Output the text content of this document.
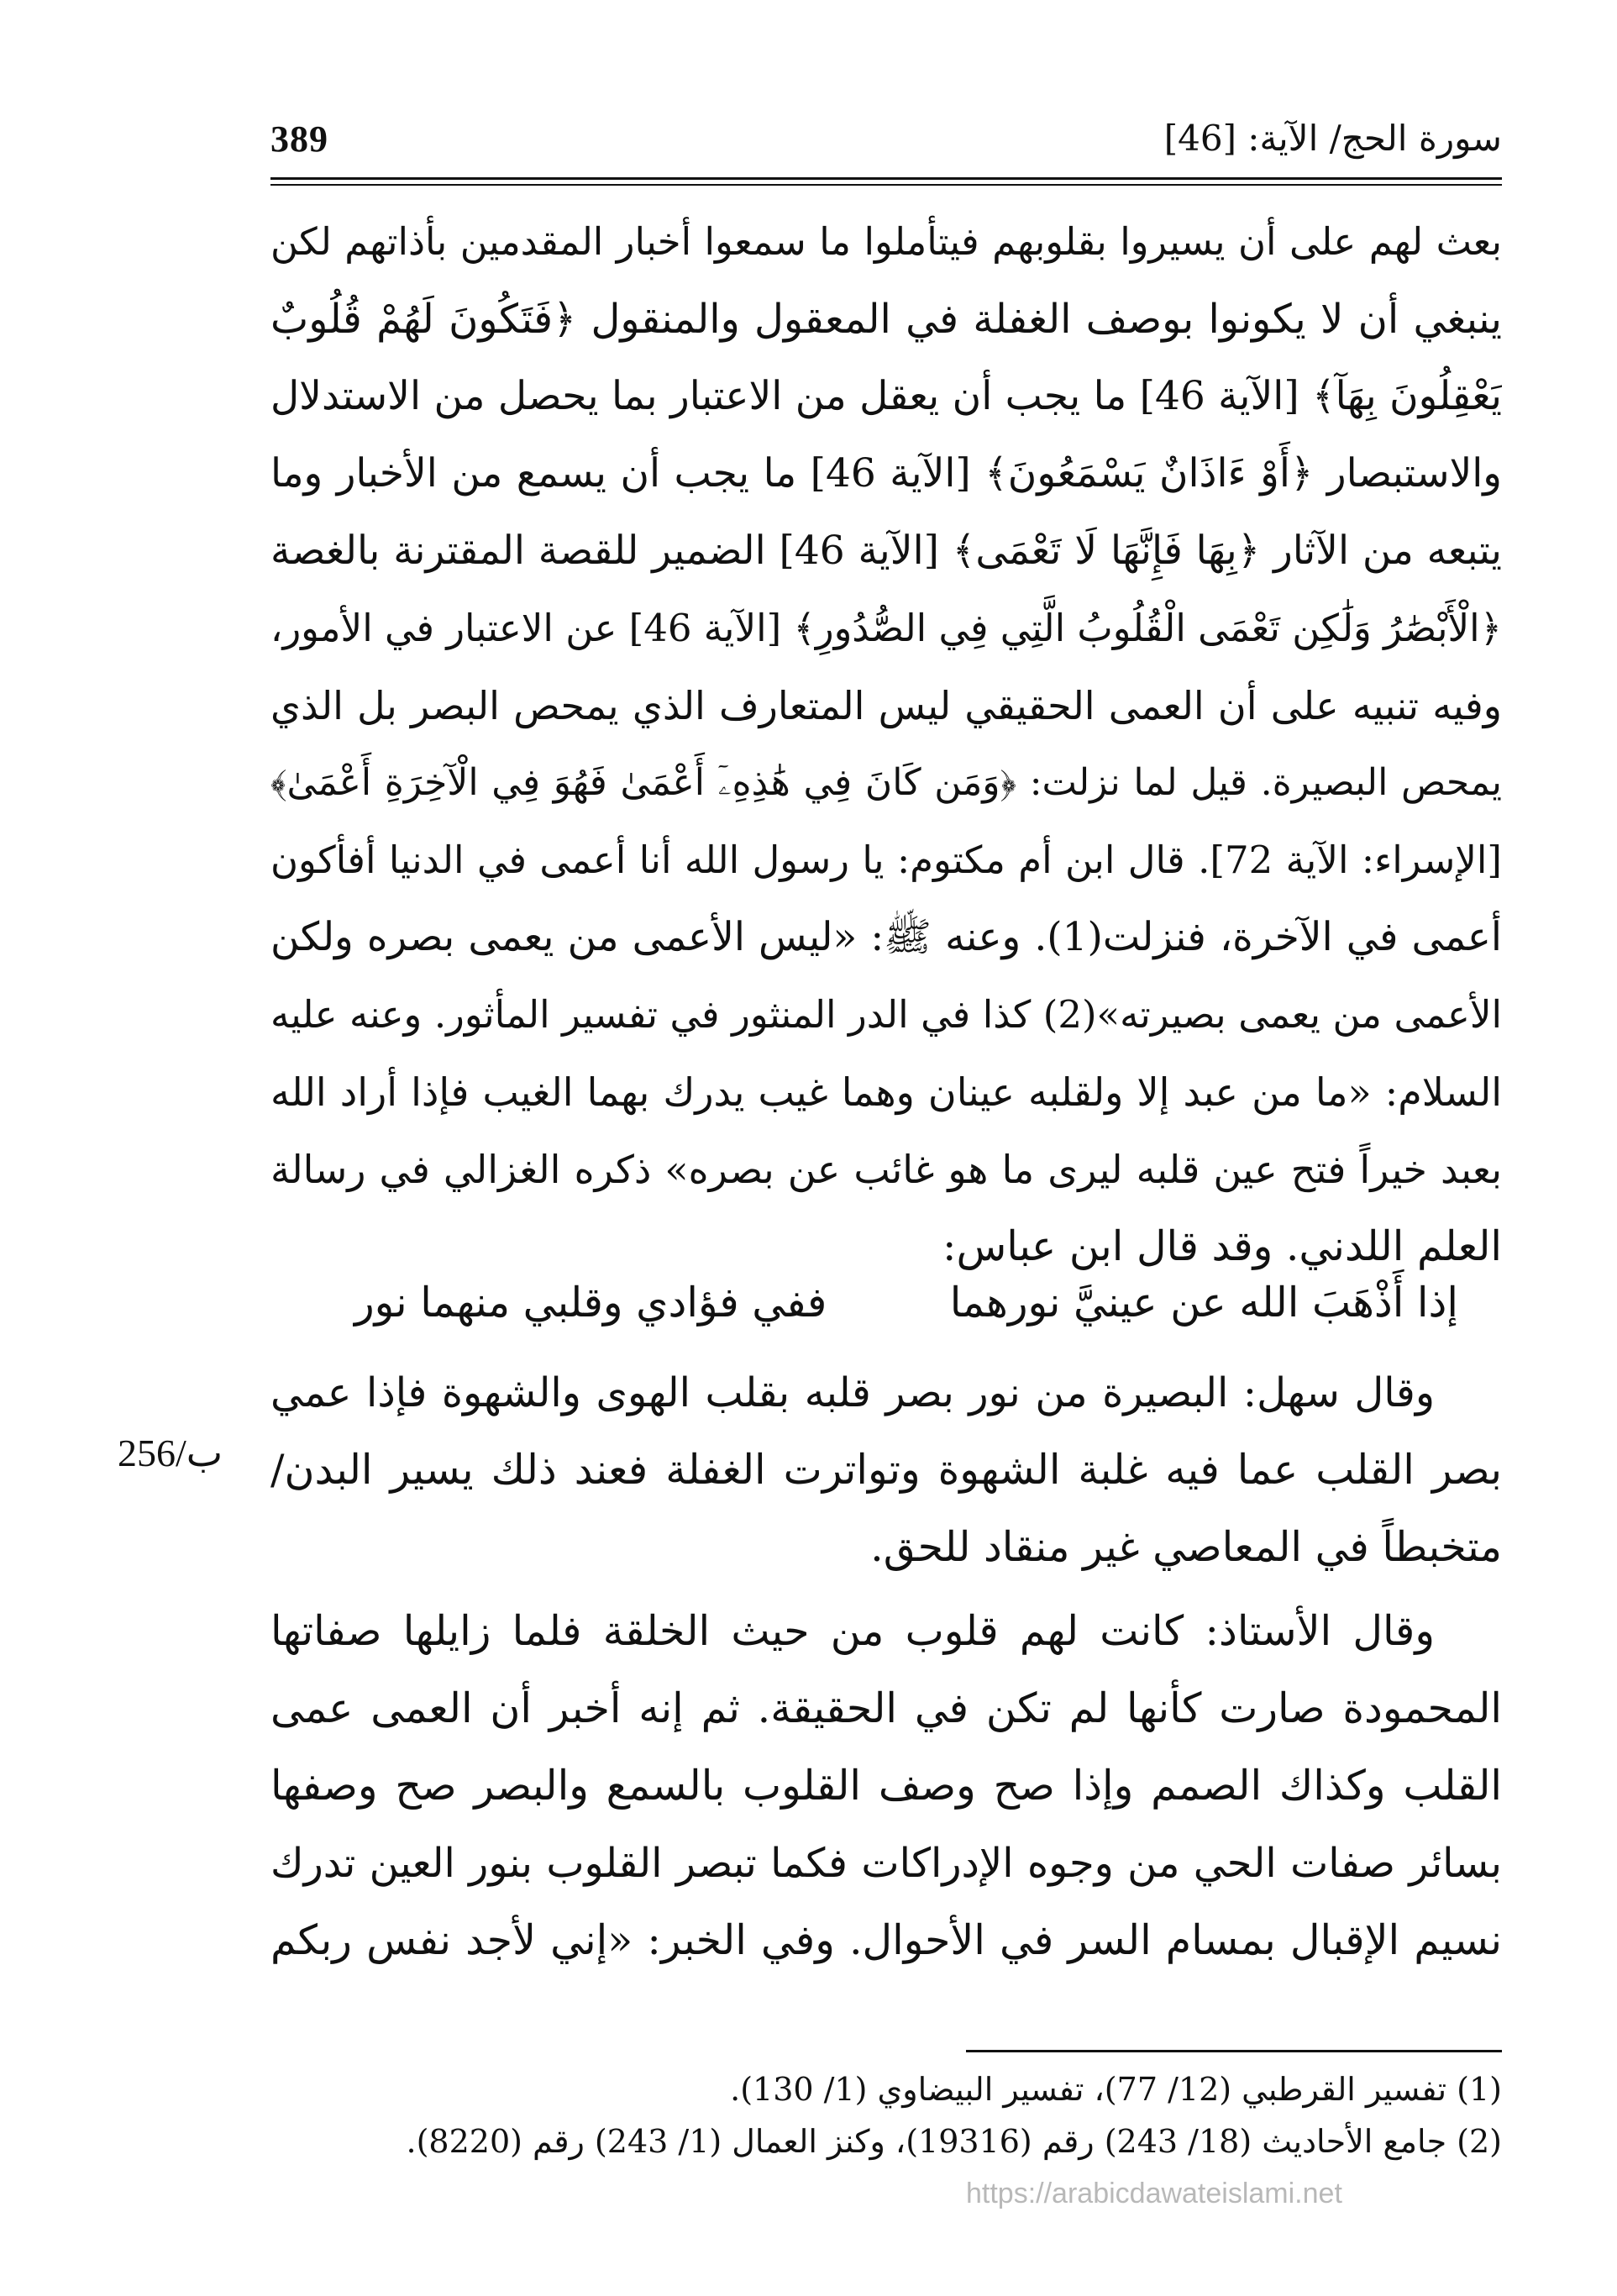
389	سورة الحج/ الآية: [46]
بعث لهم على أن يسيروا بقلوبهم فيتأملوا ما سمعوا أخبار المقدمين بأذاتهم لكن
ينبغي أن لا يكونوا بوصف الغفلة في المعقول والمنقول ﴿فَتَكُونَ لَهُمْ قُلُوبٌ
يَعْقِلُونَ بِهَآ﴾ [الآية 46] ما يجب أن يعقل من الاعتبار بما يحصل من الاستدلال
والاستبصار ﴿أَوْ ءَاذَانٌ يَسْمَعُونَ﴾ [الآية 46] ما يجب أن يسمع من الأخبار وما
يتبعه من الآثار ﴿بِهَا فَإِنَّهَا لَا تَعْمَى﴾ [الآية 46] الضمير للقصة المقترنة بالغصة
﴿الْأَبْصَٰرُ وَلَٰكِن تَعْمَى الْقُلُوبُ الَّتِي فِي الصُّدُورِ﴾ [الآية 46] عن الاعتبار في الأمور،
وفيه تنبيه على أن العمى الحقيقي ليس المتعارف الذي يمحص البصر بل الذي
يمحص البصيرة. قيل لما نزلت: ﴿وَمَن كَانَ فِي هَٰذِهِۦٓ أَعْمَىٰ فَهُوَ فِي الْآخِرَةِ أَعْمَىٰ﴾
[الإسراء: الآية 72]. قال ابن أم مكتوم: يا رسول الله أنا أعمى في الدنيا أفأكون
أعمى في الآخرة، فنزلت(1). وعنه ﷺ: «ليس الأعمى من يعمى بصره ولكن
الأعمى من يعمى بصيرته»(2) كذا في الدر المنثور في تفسير المأثور. وعنه عليه
السلام: «ما من عبد إلا ولقلبه عينان وهما غيب يدرك بهما الغيب فإذا أراد الله
بعبد خيراً فتح عين قلبه ليرى ما هو غائب عن بصره» ذكره الغزالي في رسالة
العلم اللدني. وقد قال ابن عباس:
إذا أَذْهَبَ الله عن عينيَّ نورهما
ففي فؤادي وقلبي منهما نور
وقال سهل: البصيرة من نور بصر قلبه بقلب الهوى والشهوة فإذا عمي
بصر القلب عما فيه غلبة الشهوة وتواترت الغفلة فعند ذلك يسير البدن/
متخبطاً في المعاصي غير منقاد للحق.
256/ب
وقال الأستاذ: كانت لهم قلوب من حيث الخلقة فلما زايلها صفاتها
المحمودة صارت كأنها لم تكن في الحقيقة. ثم إنه أخبر أن العمى عمى
القلب وكذاك الصمم وإذا صح وصف القلوب بالسمع والبصر صح وصفها
بسائر صفات الحي من وجوه الإدراكات فكما تبصر القلوب بنور العين تدرك
نسيم الإقبال بمسام السر في الأحوال. وفي الخبر: «إني لأجد نفس ربكم
(1) تفسير القرطبي (12/ 77)، تفسير البيضاوي (1/ 130).
(2) جامع الأحاديث (18/ 243) رقم (19316)، وكنز العمال (1/ 243) رقم (8220).
https://arabicdawateislami.net
